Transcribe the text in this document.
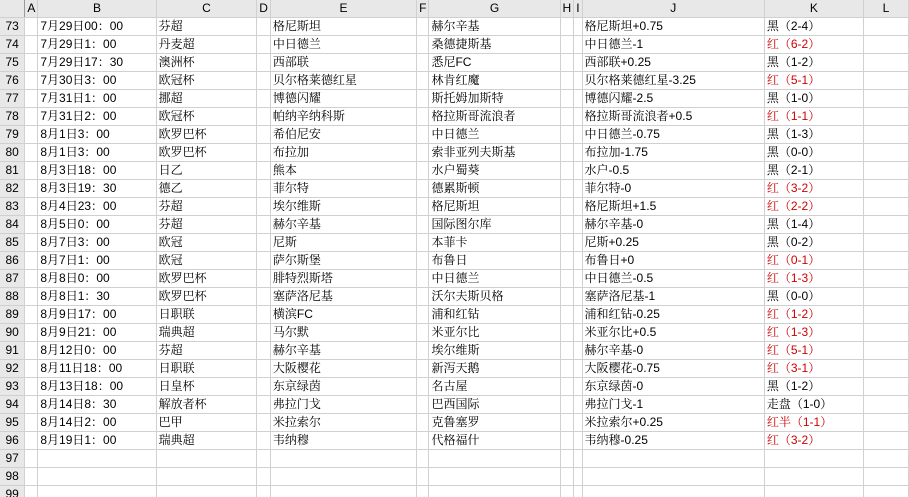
	A	B	C	D	E	F	G	H	I	J	K	L
73		7月29日00：00	芬超		格尼斯坦		赫尔辛基			格尼斯坦+0.75	黑（2-4）	
74		7月29日1：00	丹麦超		中日德兰		桑德捷斯基			中日德兰-1	红（6-2）	
75		7月29日17：30	澳洲杯		西部联		悉尼FC			西部联+0.25	黑（1-2）	
76		7月30日3：00	欧冠杯		贝尔格莱德红星		林肯红魔			贝尔格莱德红星-3.25	红（5-1）	
77		7月31日1：00	挪超		博德闪耀		斯托姆加斯特			博德闪耀-2.5	黑（1-0）	
78		7月31日2：00	欧冠杯		帕纳辛纳科斯		格拉斯哥流浪者			格拉斯哥流浪者+0.5	红（1-1）	
79		8月1日3：00	欧罗巴杯		希伯尼安		中日德兰			中日德兰-0.75	黑（1-3）	
80		8月1日3：00	欧罗巴杯		布拉加		索非亚列夫斯基			布拉加-1.75	黑（0-0）	
81		8月3日18：00	日乙		熊本		水户蜀葵			水户-0.5	黑（2-1）	
82		8月3日19：30	德乙		菲尔特		德累斯顿			菲尔特-0	红（3-2）	
83		8月4日23：00	芬超		埃尔维斯		格尼斯坦			格尼斯坦+1.5	红（2-2）	
84		8月5日0：00	芬超		赫尔辛基		国际图尔库			赫尔辛基-0	黑（1-4）	
85		8月7日3：00	欧冠		尼斯		本菲卡			尼斯+0.25	黑（0-2）	
86		8月7日1：00	欧冠		萨尔斯堡		布鲁日			布鲁日+0	红（0-1）	
87		8月8日0：00	欧罗巴杯		腓特烈斯塔		中日德兰			中日德兰-0.5	红（1-3）	
88		8月8日1：30	欧罗巴杯		塞萨洛尼基		沃尔夫斯贝格			塞萨洛尼基-1	黑（0-0）	
89		8月9日17：00	日职联		横滨FC		浦和红钻			浦和红钻-0.25	红（1-2）	
90		8月9日21：00	瑞典超		马尔默		米亚尔比			米亚尔比+0.5	红（1-3）	
91		8月12日0：00	芬超		赫尔辛基		埃尔维斯			赫尔辛基-0	红（5-1）	
92		8月11日18：00	日职联		大阪樱花		新泻天鹅			大阪樱花-0.75	红（3-1）	
93		8月13日18：00	日皇杯		东京绿茵		名古屋			东京绿茵-0	黑（1-2）	
94		8月14日8：30	解放者杯		弗拉门戈		巴西国际			弗拉门戈-1	走盘（1-0）	
95		8月14日2：00	巴甲		米拉索尔		克鲁塞罗			米拉索尔+0.25	红半（1-1）	
96		8月19日1：00	瑞典超		韦纳穆		代格福什			韦纳穆-0.25	红（3-2）	
97												
98												
99												
